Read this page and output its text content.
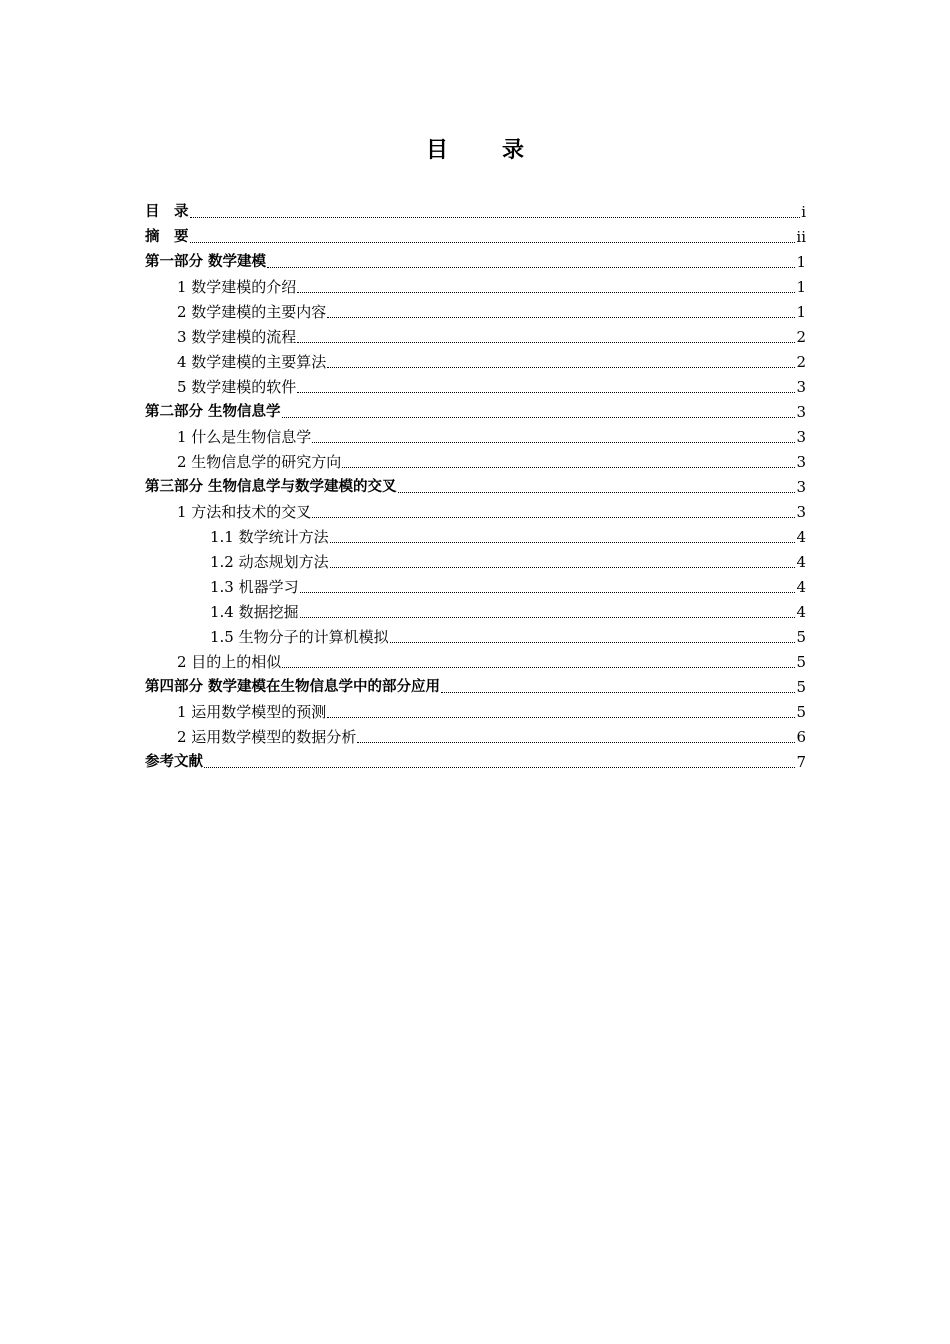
目　录
目　录	i
摘　要	ii
第一部分 数学建模	1
1 数学建模的介绍	1
2 数学建模的主要内容	1
3 数学建模的流程	2
4 数学建模的主要算法	2
5 数学建模的软件	3
第二部分 生物信息学	3
1 什么是生物信息学	3
2 生物信息学的研究方向	3
第三部分 生物信息学与数学建模的交叉	3
1 方法和技术的交叉	3
1.1 数学统计方法	4
1.2 动态规划方法	4
1.3 机器学习	4
1.4 数据挖掘	4
1.5 生物分子的计算机模拟	5
2 目的上的相似	5
第四部分 数学建模在生物信息学中的部分应用	5
1 运用数学模型的预测	5
2 运用数学模型的数据分析	6
参考文献	7
